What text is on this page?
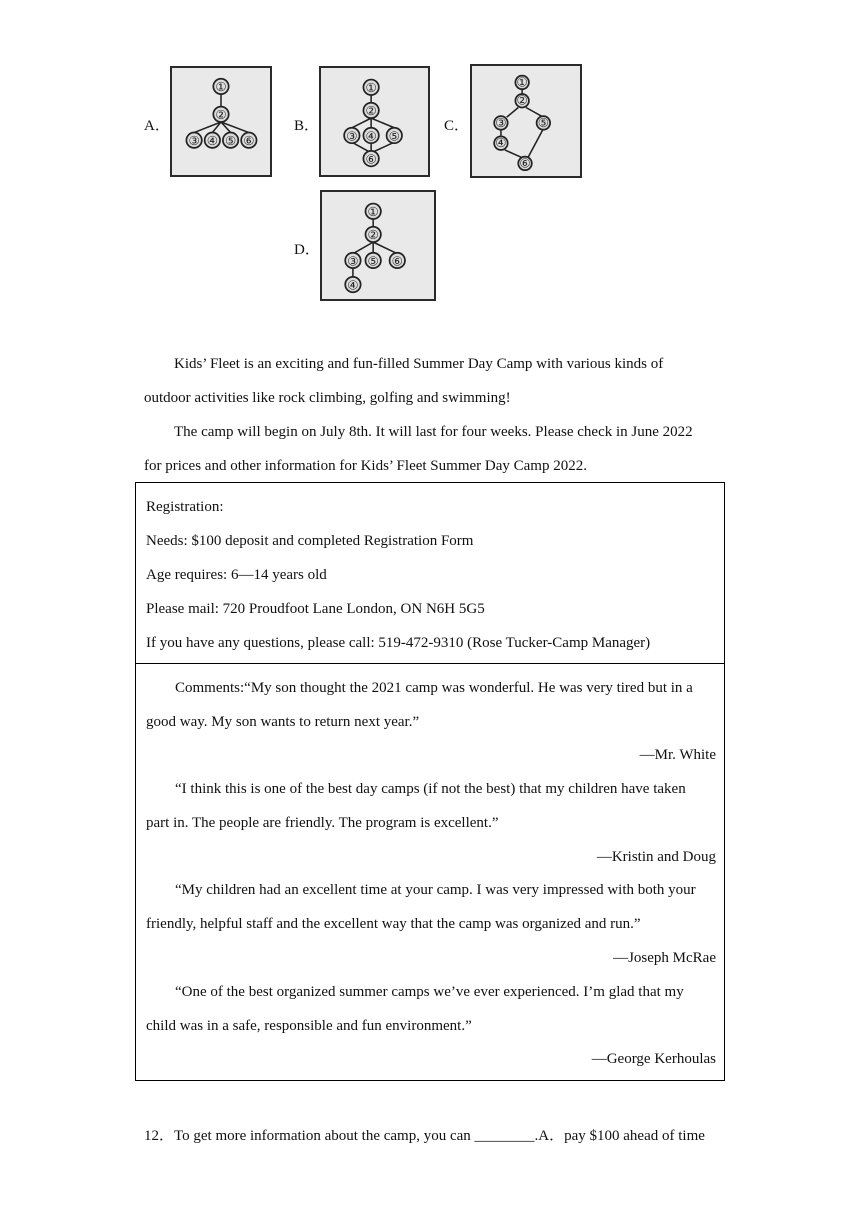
A．
①
②
③ ④ ⑤ ⑥
B．
①
②
③ ④ ⑤
⑥
C．
①
②
③
④
⑤
⑥
D．
①
②
③ ⑤ ⑥
④
Kids’ Fleet is an exciting and fun-filled Summer Day Camp with various kinds of
outdoor activities like rock climbing, golfing and swimming!
The camp will begin on July 8th. It will last for four weeks. Please check in June 2022
for prices and other information for Kids’ Fleet Summer Day Camp 2022.
Registration:
Needs: $100 deposit and completed Registration Form
Age requires: 6—14 years old
Please mail: 720 Proudfoot Lane London, ON N6H 5G5
If you have any questions, please call: 519-472-9310 (Rose Tucker-Camp Manager)
Comments:“My son thought the 2021 camp was wonderful. He was very tired but in a
good way. My son wants to return next year.”
—Mr. White
“I think this is one of the best day camps (if not the best) that my children have taken
part in. The people are friendly. The program is excellent.”
—Kristin and Doug
“My children had an excellent time at your camp. I was very impressed with both your
friendly, helpful staff and the excellent way that the camp was organized and run.”
—Joseph McRae
“One of the best organized summer camps we’ve ever experienced. I’m glad that my
child was in a safe, responsible and fun environment.”
—George Kerhoulas
12．To get more information about the camp, you can ________.A．pay $100 ahead of time
